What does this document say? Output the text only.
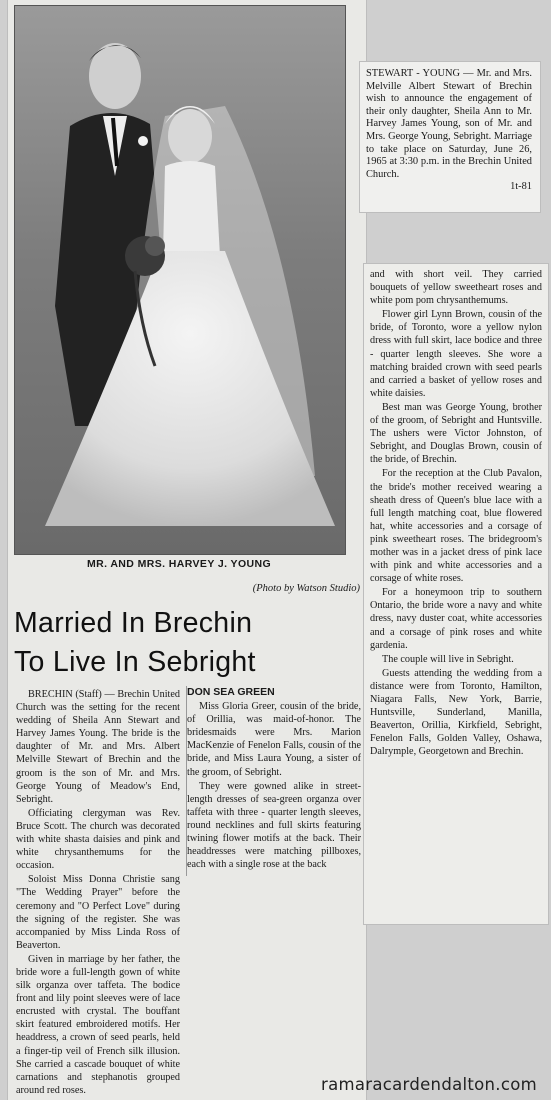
MR. AND MRS. HARVEY J. YOUNG
(Photo by Watson Studio)
Married In Brechin
To Live In Sebright

BRECHIN (Staff) — Brechin United Church was the setting for the recent wedding of Sheila Ann Stewart and Harvey James Young. The bride is the daughter of Mr. and Mrs. Albert Melville Stewart of Brechin and the groom is the son of Mr. and Mrs. George Young of Meadow's End, Sebright.

Officiating clergyman was Rev. Bruce Scott. The church was decorated with white shasta daisies and pink and white chrysanthemums for the occasion.

Soloist Miss Donna Christie sang "The Wedding Prayer" before the ceremony and "O Perfect Love" during the signing of the register. She was accompanied by Miss Linda Ross of Beaverton.

Given in marriage by her father, the bride wore a full-length gown of white silk organza over taffeta. The bodice front and lily point sleeves were of lace encrusted with crystal. The bouffant skirt featured embroidered motifs. Her headdress, a crown of seed pearls, held a finger-tip veil of French silk illusion. She carried a cascade bouquet of white carnations and stephanotis grouped around red roses.

DON SEA GREEN

Miss Gloria Greer, cousin of the bride, of Orillia, was maid-of-honor. The bridesmaids were Mrs. Marion MacKenzie of Fenelon Falls, cousin of the bride, and Miss Laura Young, a sister of the groom, of Sebright.

They were gowned alike in street-length dresses of sea-green organza over taffeta with three - quarter length sleeves, round necklines and full skirts featuring twining flower motifs at the back. Their headdresses were matching pillboxes, each with a single rose at the back

STEWART - YOUNG — Mr. and Mrs. Melville Albert Stewart of Brechin wish to announce the engagement of their only daughter, Sheila Ann to Mr. Harvey James Young, son of Mr. and Mrs. George Young, Sebright. Marriage to take place on Saturday, June 26, 1965 at 3:30 p.m. in the Brechin United Church.

1t-81

and with short veil. They carried bouquets of yellow sweetheart roses and white pom pom chrysanthemums.

Flower girl Lynn Brown, cousin of the bride, of Toronto, wore a yellow nylon dress with full skirt, lace bodice and three - quarter length sleeves. She wore a matching braided crown with seed pearls and carried a basket of yellow roses and white daisies.

Best man was George Young, brother of the groom, of Sebright and Huntsville. The ushers were Victor Johnston, of Sebright, and Douglas Brown, cousin of the bride, of Brechin.

For the reception at the Club Pavalon, the bride's mother received wearing a sheath dress of Queen's blue lace with a full length matching coat, blue flowered hat, white accessories and a corsage of pink sweetheart roses. The bridegroom's mother was in a jacket dress of pink lace with pink and white accessories and a corsage of white roses.

For a honeymoon trip to southern Ontario, the bride wore a navy and white dress, navy duster coat, white accessories and a corsage of pink roses and white gardenia.

The couple will live in Sebright.

Guests attending the wedding from a distance were from Toronto, Hamilton, Niagara Falls, New York, Barrie, Huntsville, Sunderland, Manilla, Beaverton, Orillia, Kirkfield, Sebright, Fenelon Falls, Golden Valley, Oshawa, Dalrymple, Georgetown and Brechin.

ramaracardendalton.com
